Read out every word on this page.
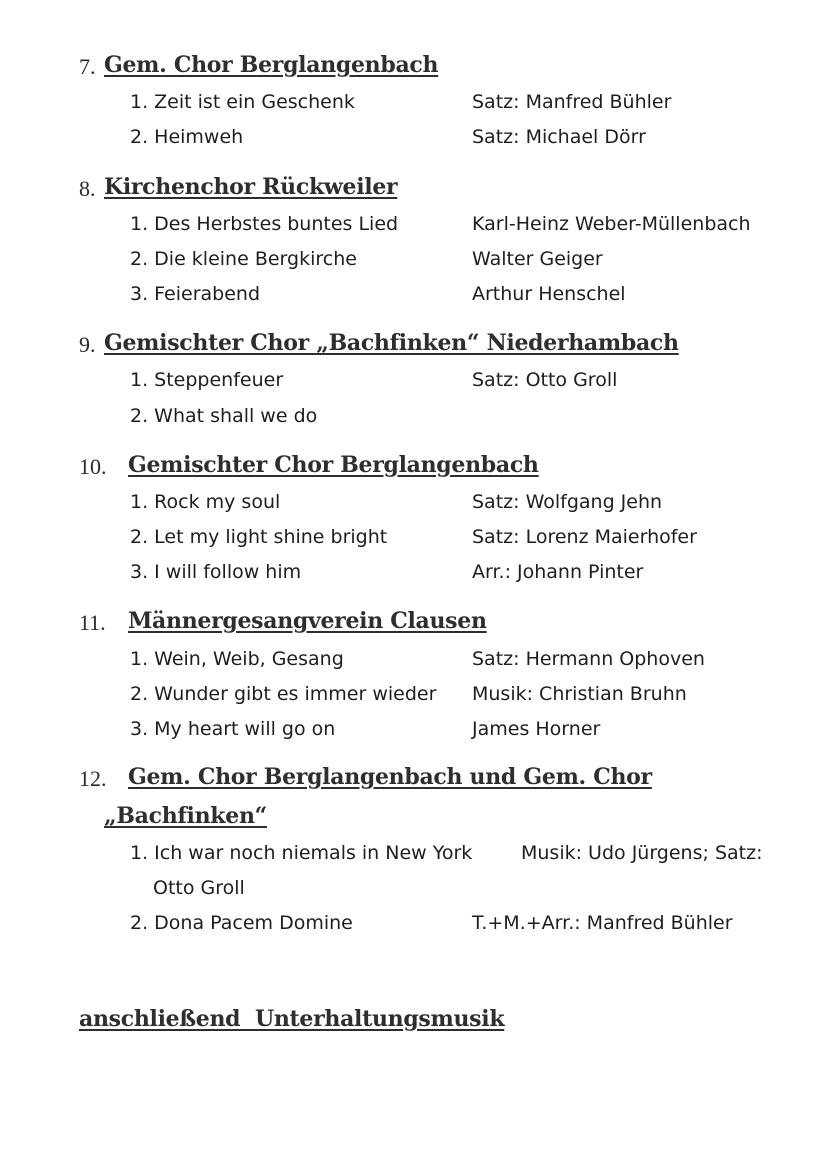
7. Gem. Chor Berglangenbach
1. Zeit ist ein Geschenk	Satz: Manfred Bühler
2. Heimweh	Satz: Michael Dörr
8. Kirchenchor Rückweiler
1. Des Herbstes buntes Lied	Karl-Heinz Weber-Müllenbach
2. Die kleine Bergkirche	Walter Geiger
3. Feierabend	Arthur Henschel
9. Gemischter Chor „Bachfinken“ Niederhambach
1. Steppenfeuer	Satz: Otto Groll
2. What shall we do
10. Gemischter Chor Berglangenbach
1. Rock my soul	Satz: Wolfgang Jehn
2. Let my light shine bright	Satz: Lorenz Maierhofer
3. I will follow him	Arr.: Johann Pinter
11. Männergesangverein Clausen
1. Wein, Weib, Gesang	Satz: Hermann Ophoven
2. Wunder gibt es immer wieder Musik: Christian Bruhn
3. My heart will go on	James Horner
12. Gem. Chor Berglangenbach und Gem. Chor
„Bachfinken“
1. Ich war noch niemals in New York	Musik: Udo Jürgens; Satz:
Otto Groll
2. Dona Pacem Domine	T.+M.+Arr.: Manfred Bühler
anschließend  Unterhaltungsmusik
